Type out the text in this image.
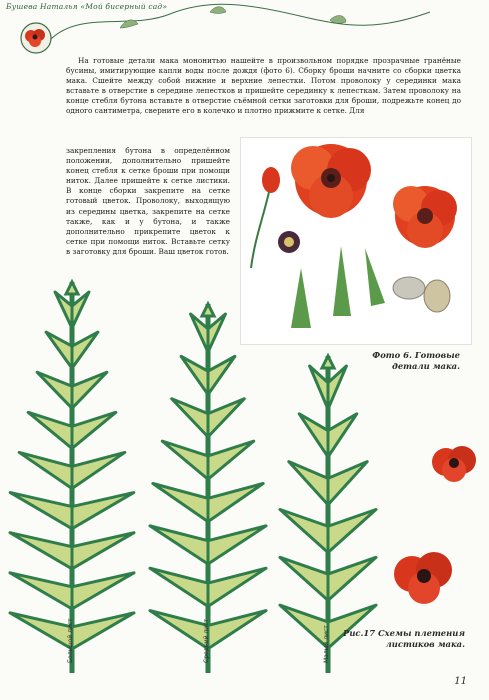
Бушева Наталья «Мой бисерный сад»

На готовые детали мака мононитью нашейте в произвольном порядке прозрачные гранёные бусины, имитирующие капли воды после дождя (фото 6). Сборку броши начните со сборки цветка мака. Сшейте между собой нижние и верхние лепестки. Потом проволоку у серединки мака вставьте в отверстие в середине лепестков и пришейте серединку к лепесткам. Затем проволоку на конце стебля бутона вставьте в отверстие съёмной сетки заготовки для броши, подрежьте конец до одного сантиметра, сверните его в колечко и плотно прижмите к сетке. Для

закрепления бутона в определённом положении, дополнительно пришейте конец стебля к сетке броши при помощи ниток. Далее пришейте к сетке листики. В конце сборки закрепите на сетке готовый цветок. Проволоку, выходящую из середины цветка, закрепите на сетке также, как и у бутона, и также дополнительно прикрепите цветок к сетке при помощи ниток. Вставьте сетку в заготовку для броши. Ваш цветок готов.

Фото 6. Готовые
детали мака.
Большой лист	Средний лист	Малый лист	Рис.17 Схемы плетения
листиков мака.
11
